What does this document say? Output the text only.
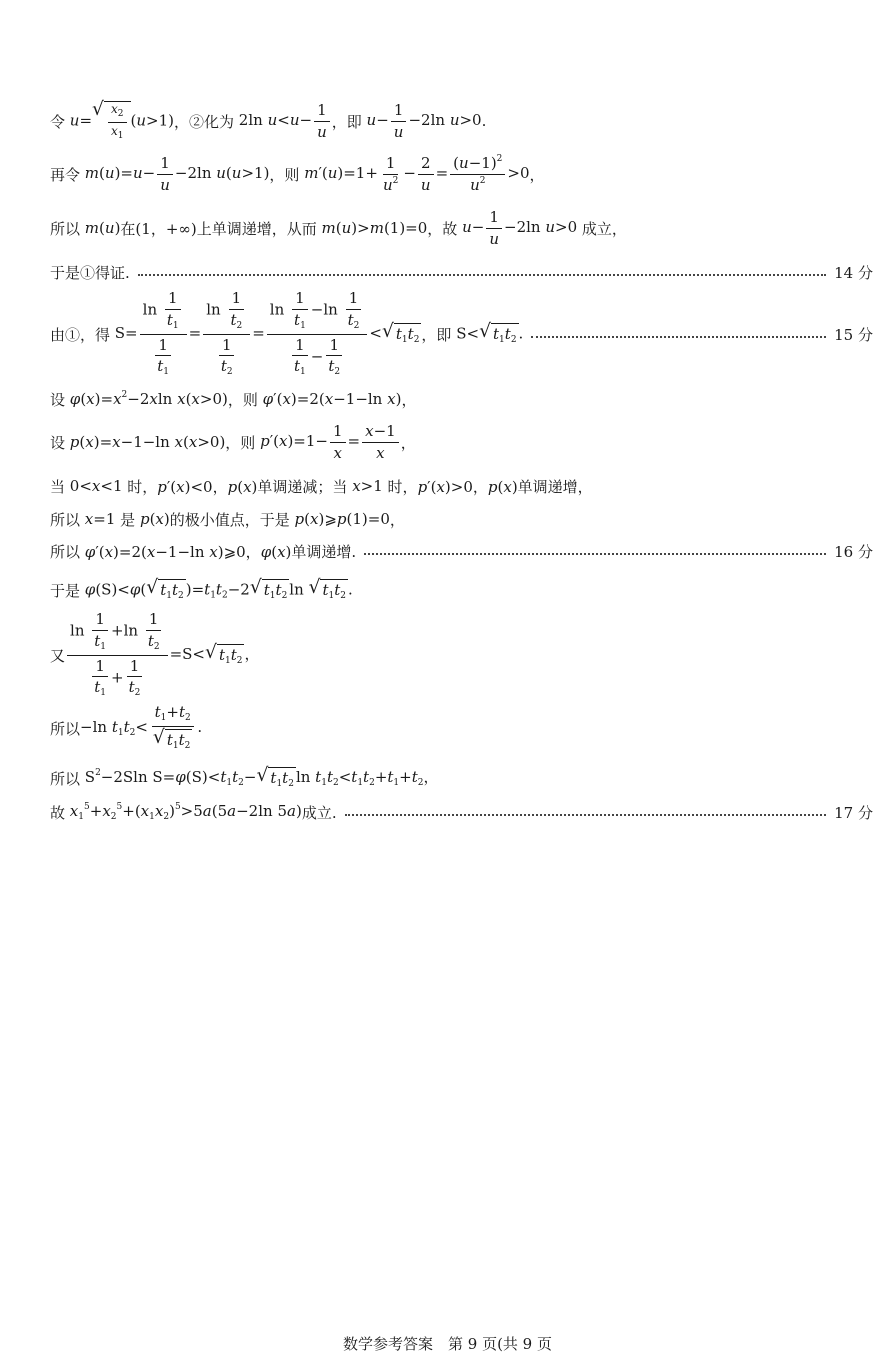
令 u=
√ $\frac{x_2}{x_1} (u>1)$ ，②化为 2ln $u<u- \frac{1}{u}$ ，即 $u- \frac{1}{u} -2\ln$ u>0 .
再令 $m(u)=u- \frac{1}{u} -2\ln$ u(u>1) ，则 $m'(u)=1+ \frac{1}{u^2} - \frac{2}{u} = \frac{(u-1)^2}{u^2} >0$ ，
所以 m(u) 在(1，+∞)上单调递增，从而 m(u)>m(1)=0 ，故 $u- \frac{1}{u} -2\ln$ u>0 成立，
于是①得证.	14 分
由①，得 $S= \frac{\ln \frac{1}{t_1}}{\frac{1}{t_1}} = \frac{\ln \frac{1}{t_2}}{\frac{1}{t_2}} = \frac{\ln \frac{1}{t_1} -\ln \frac{1}{t_2}}{\frac{1}{t_1} - \frac{1}{t_2}}$ < √ $t_1t_2$ ，即 S< √ $t_1t_2$ .	15 分
设 $\varphi(x)=x^2-2xln$ x(x>0) ，则 φ′(x)=2(x−1−ln x) ，
设 p(x)=x−1−ln x(x>0) ，则 $p'(x)=1- \frac{1}{x} = \frac{x-1}{x}$ ，
当 0<x<1 时， p′(x)<0，p(x) 单调递减；当 x>1 时， p′(x)>0，p(x) 单调递增，
所以 x=1 是 p(x) 的极小值点，于是 p(x)⩾p(1)=0 ，
所以 φ′(x)=2(x−1−ln x)⩾0，φ(x) 单调递增.	16 分
于是 φ(S)<φ( √ $t_1t_2$ )$=t_1t_2-2$ √ $t_1t_2$ ln √ $t_1t_2$ .
又 $\frac{\ln \frac{1}{t_1} +\ln \frac{1}{t_2}}{\frac{1}{t_1} + \frac{1}{t_2}} =S<$ √ $t_1t_2$ ，
所以 −ln $t_1t_2< \frac{t_1+t_2}{√ t_1t_2}$ .
所以 $S^2-2Sln$ $S=\varphi(S)<t_1t_2-$ √ $t_1t_2$ $\ln t_1t_2<t_1t_2+t_1+t_2$，
故 $x_1^5+x_2^5+(x_1x_2)^5>5a(5a-2\ln$ 5a) 成立.	17 分
数学参考答案　第 9 页(共 9 页
